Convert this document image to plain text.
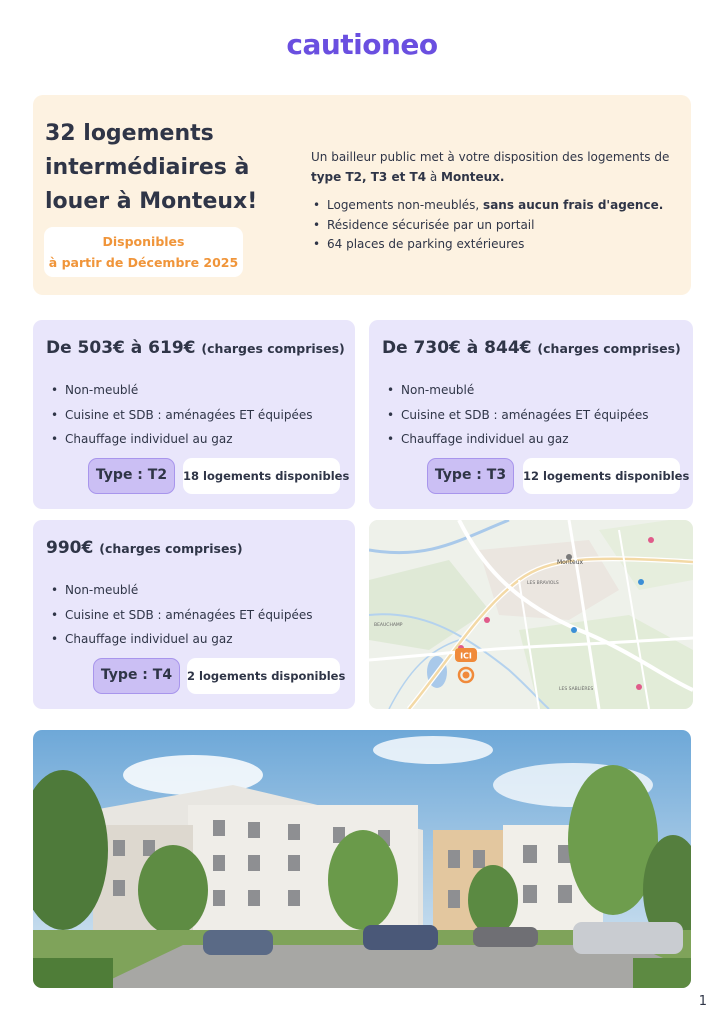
cautioneo
32 logements intermédiaires à louer à Monteux!
Disponibles
à partir de Décembre 2025

Un bailleur public met à votre disposition des logements de type T2, T3 et T4 à Monteux.

• Logements non-meublés, sans aucun frais d'agence.
• Résidence sécurisée par un portail
• 64 places de parking extérieures
De 503€ à 619€ (charges comprises)
• Non-meublé
• Cuisine et SDB : aménagées ET équipées
• Chauffage individuel au gaz
Type : T2	18 logements disponibles
De 730€ à 844€ (charges comprises)
• Non-meublé
• Cuisine et SDB : aménagées ET équipées
• Chauffage individuel au gaz
Type : T3	12 logements disponibles
990€ (charges comprises)
• Non-meublé
• Cuisine et SDB : aménagées ET équipées
• Chauffage individuel au gaz
Type : T4	2 logements disponibles
Monteux
LES BRAVIOLS
BEAUCHAMP
LES SABLIÈRES
ICI
1
